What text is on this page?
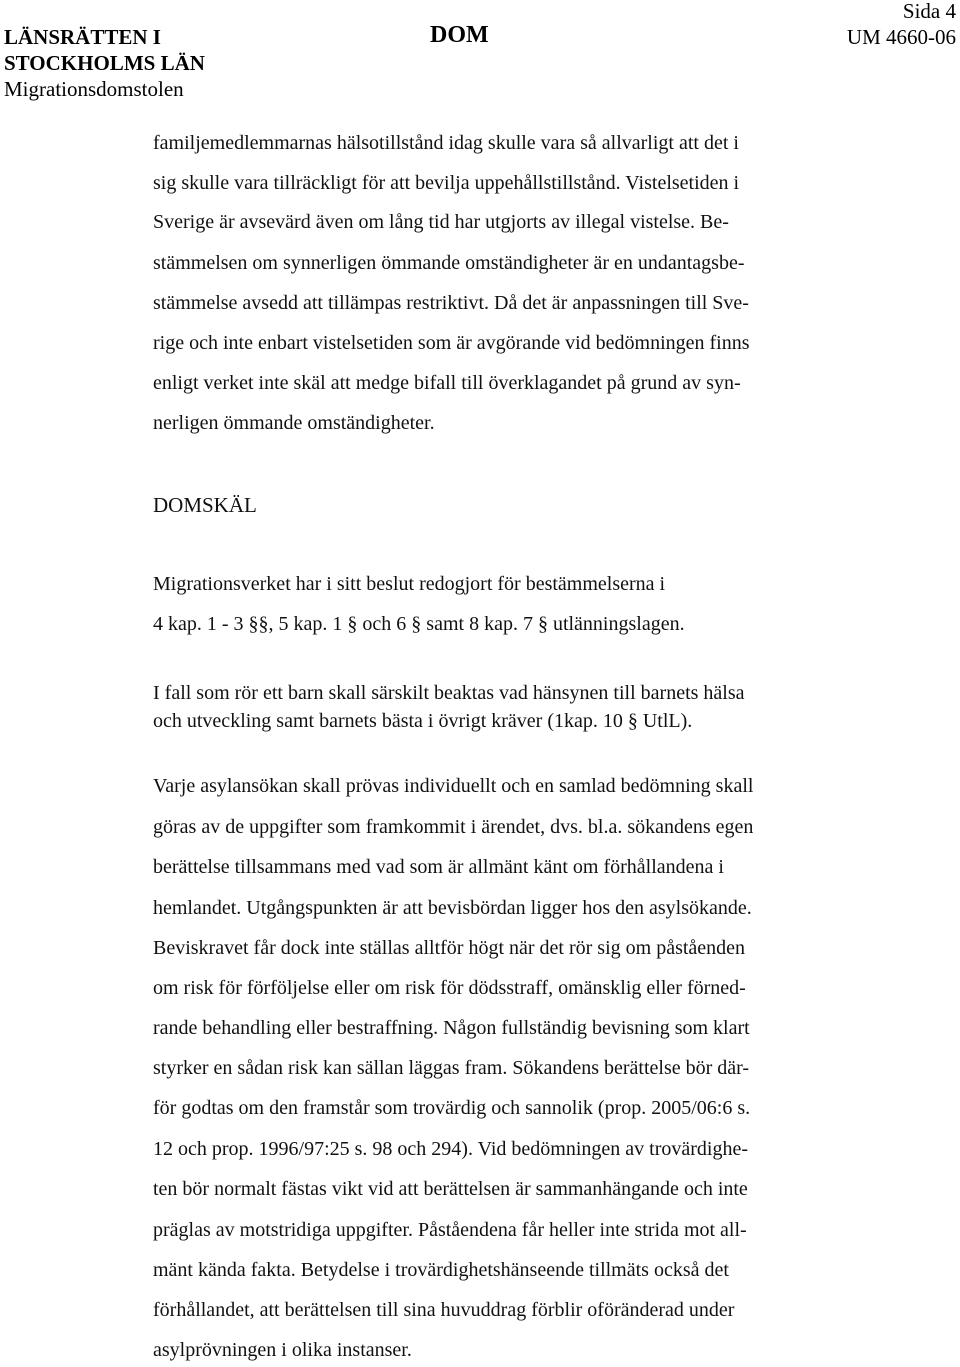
LÄNSRÄTTEN I
STOCKHOLMS LÄN
Migrationsdomstolen
DOM
Sida 4
UM 4660-06
familjemedlemmarnas hälsotillstånd idag skulle vara så allvarligt att det i
sig skulle vara tillräckligt för att bevilja uppehållstillstånd. Vistelsetiden i
Sverige är avsevärd även om lång tid har utgjorts av illegal vistelse. Be-
stämmelsen om synnerligen ömmande omständigheter är en undantagsbe-
stämmelse avsedd att tillämpas restriktivt. Då det är anpassningen till Sve-
rige och inte enbart vistelsetiden som är avgörande vid bedömningen finns
enligt verket inte skäl att medge bifall till överklagandet på grund av syn-
nerligen ömmande omständigheter.
DOMSKÄL
Migrationsverket har i sitt beslut redogjort för bestämmelserna i
4 kap. 1 - 3 §§, 5 kap. 1 § och 6 § samt 8 kap. 7 § utlänningslagen.
I fall som rör ett barn skall särskilt beaktas vad hänsynen till barnets hälsa
och utveckling samt barnets bästa i övrigt kräver (1kap. 10 § UtlL).
Varje asylansökan skall prövas individuellt och en samlad bedömning skall
göras av de uppgifter som framkommit i ärendet, dvs. bl.a. sökandens egen
berättelse tillsammans med vad som är allmänt känt om förhållandena i
hemlandet. Utgångspunkten är att bevisbördan ligger hos den asylsökande.
Beviskravet får dock inte ställas alltför högt när det rör sig om påståenden
om risk för förföljelse eller om risk för dödsstraff, omänsklig eller förned-
rande behandling eller bestraffning. Någon fullständig bevisning som klart
styrker en sådan risk kan sällan läggas fram. Sökandens berättelse bör där-
för godtas om den framstår som trovärdig och sannolik (prop. 2005/06:6 s.
12 och prop. 1996/97:25 s. 98 och 294). Vid bedömningen av trovärdighe-
ten bör normalt fästas vikt vid att berättelsen är sammanhängande och inte
präglas av motstridiga uppgifter. Påståendena får heller inte strida mot all-
mänt kända fakta. Betydelse i trovärdighetshänseende tillmäts också det
förhållandet, att berättelsen till sina huvuddrag förblir oföränderad under
asylprövningen i olika instanser.
